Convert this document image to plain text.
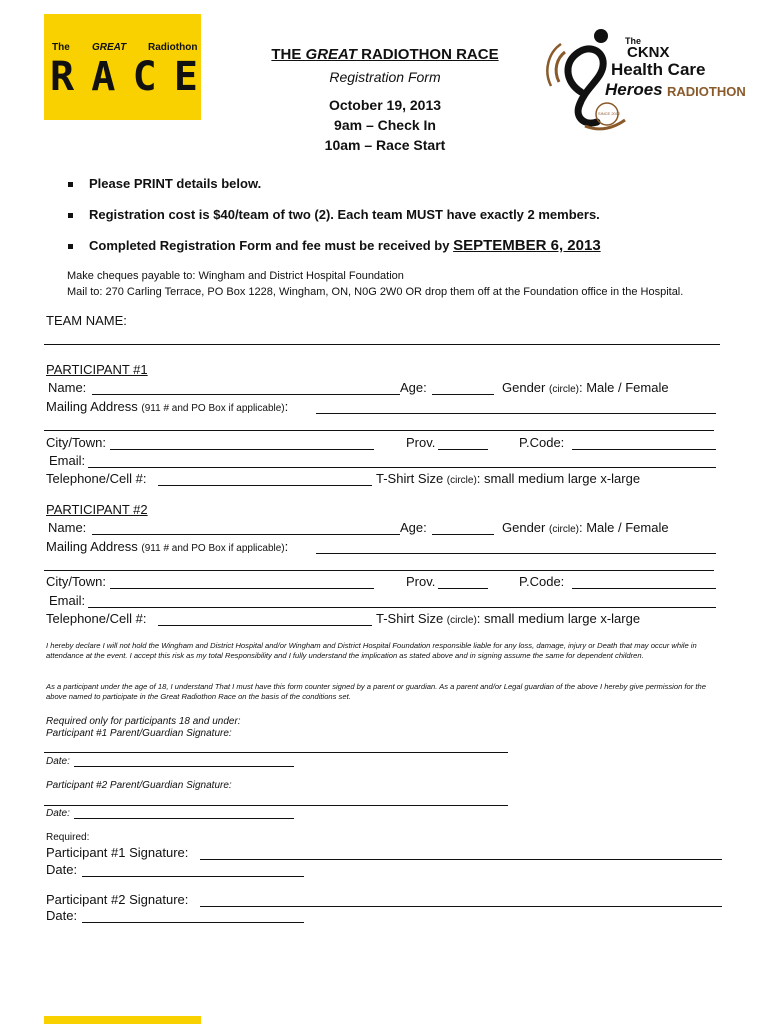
The GREAT Radiothon
R A C E	THE GREAT RADIOTHON RACE
Registration Form
October 19, 2013
9am – Check In
10am – Race Start
The
CKNX
Health Care
Heroes RADIOTHON
SINCE 2002
Please PRINT details below.
Registration cost is $40/team of two (2). Each team MUST have exactly 2 members.
Completed Registration Form and fee must be received by SEPTEMBER 6, 2013
Make cheques payable to: Wingham and District Hospital Foundation
Mail to: 270 Carling Terrace, PO Box 1228, Wingham, ON, N0G 2W0 OR drop them off at the Foundation office in the Hospital.
TEAM NAME:
PARTICIPANT #1
Name:	Age:	Gender (circle): Male / Female
Mailing Address (911 # and PO Box if applicable):
City/Town:	Prov.	P.Code:
Email:
Telephone/Cell #:	T-Shirt Size (circle): small medium large x-large
PARTICIPANT #2
Name:	Age:	Gender (circle): Male / Female
Mailing Address (911 # and PO Box if applicable):
City/Town:	Prov.	P.Code:
Email:
Telephone/Cell #:	T-Shirt Size (circle): small medium large x-large
I hereby declare I will not hold the Wingham and District Hospital and/or Wingham and District Hospital Foundation responsible liable for any loss, damage, injury or Death that may occur while in attendance at the event. I accept this risk as my total Responsibility and I fully understand the implication as stated above and in signing assume the same for dependent children.
As a participant under the age of 18, I understand That I must have this form counter signed by a parent or guardian. As a parent and/or Legal guardian of the above I hereby give permission for the above named to participate in the Great Radiothon Race on the basis of the conditions set.
Required only for participants 18 and under:
Participant #1 Parent/Guardian Signature:
Date:
Participant #2 Parent/Guardian Signature:
Date:
Required:
Participant #1 Signature:
Date:
Participant #2 Signature:
Date:
